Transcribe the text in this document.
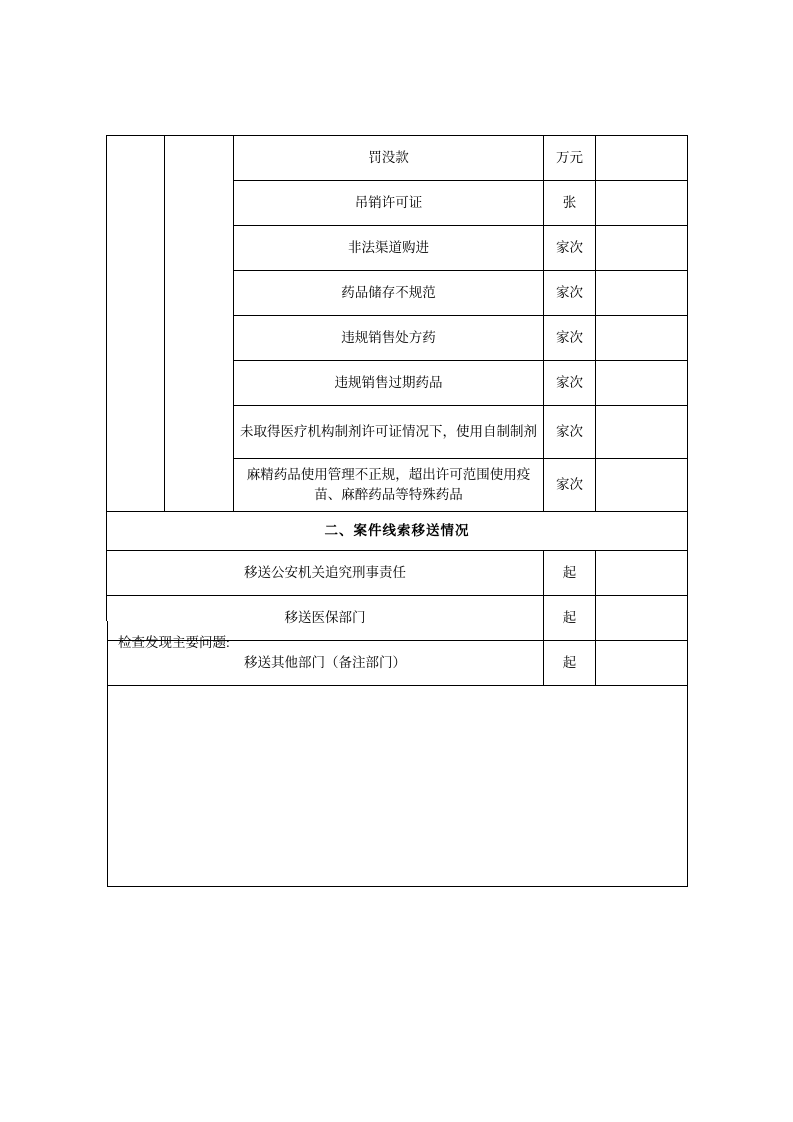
		罚没款	万元	
		吊销许可证	张	
		非法渠道购进	家次	
		药品储存不规范	家次	
		违规销售处方药	家次	
		违规销售过期药品	家次	
		未取得医疗机构制剂许可证情况下，使用自制制剂	家次	
		麻精药品使用管理不正规，超出许可范围使用疫苗、麻醉药品等特殊药品	家次	
二、案件线索移送情况				
移送公安机关追究刑事责任			起	
移送医保部门			起	
移送其他部门（备注部门）			起	
检查发现主要问题:
